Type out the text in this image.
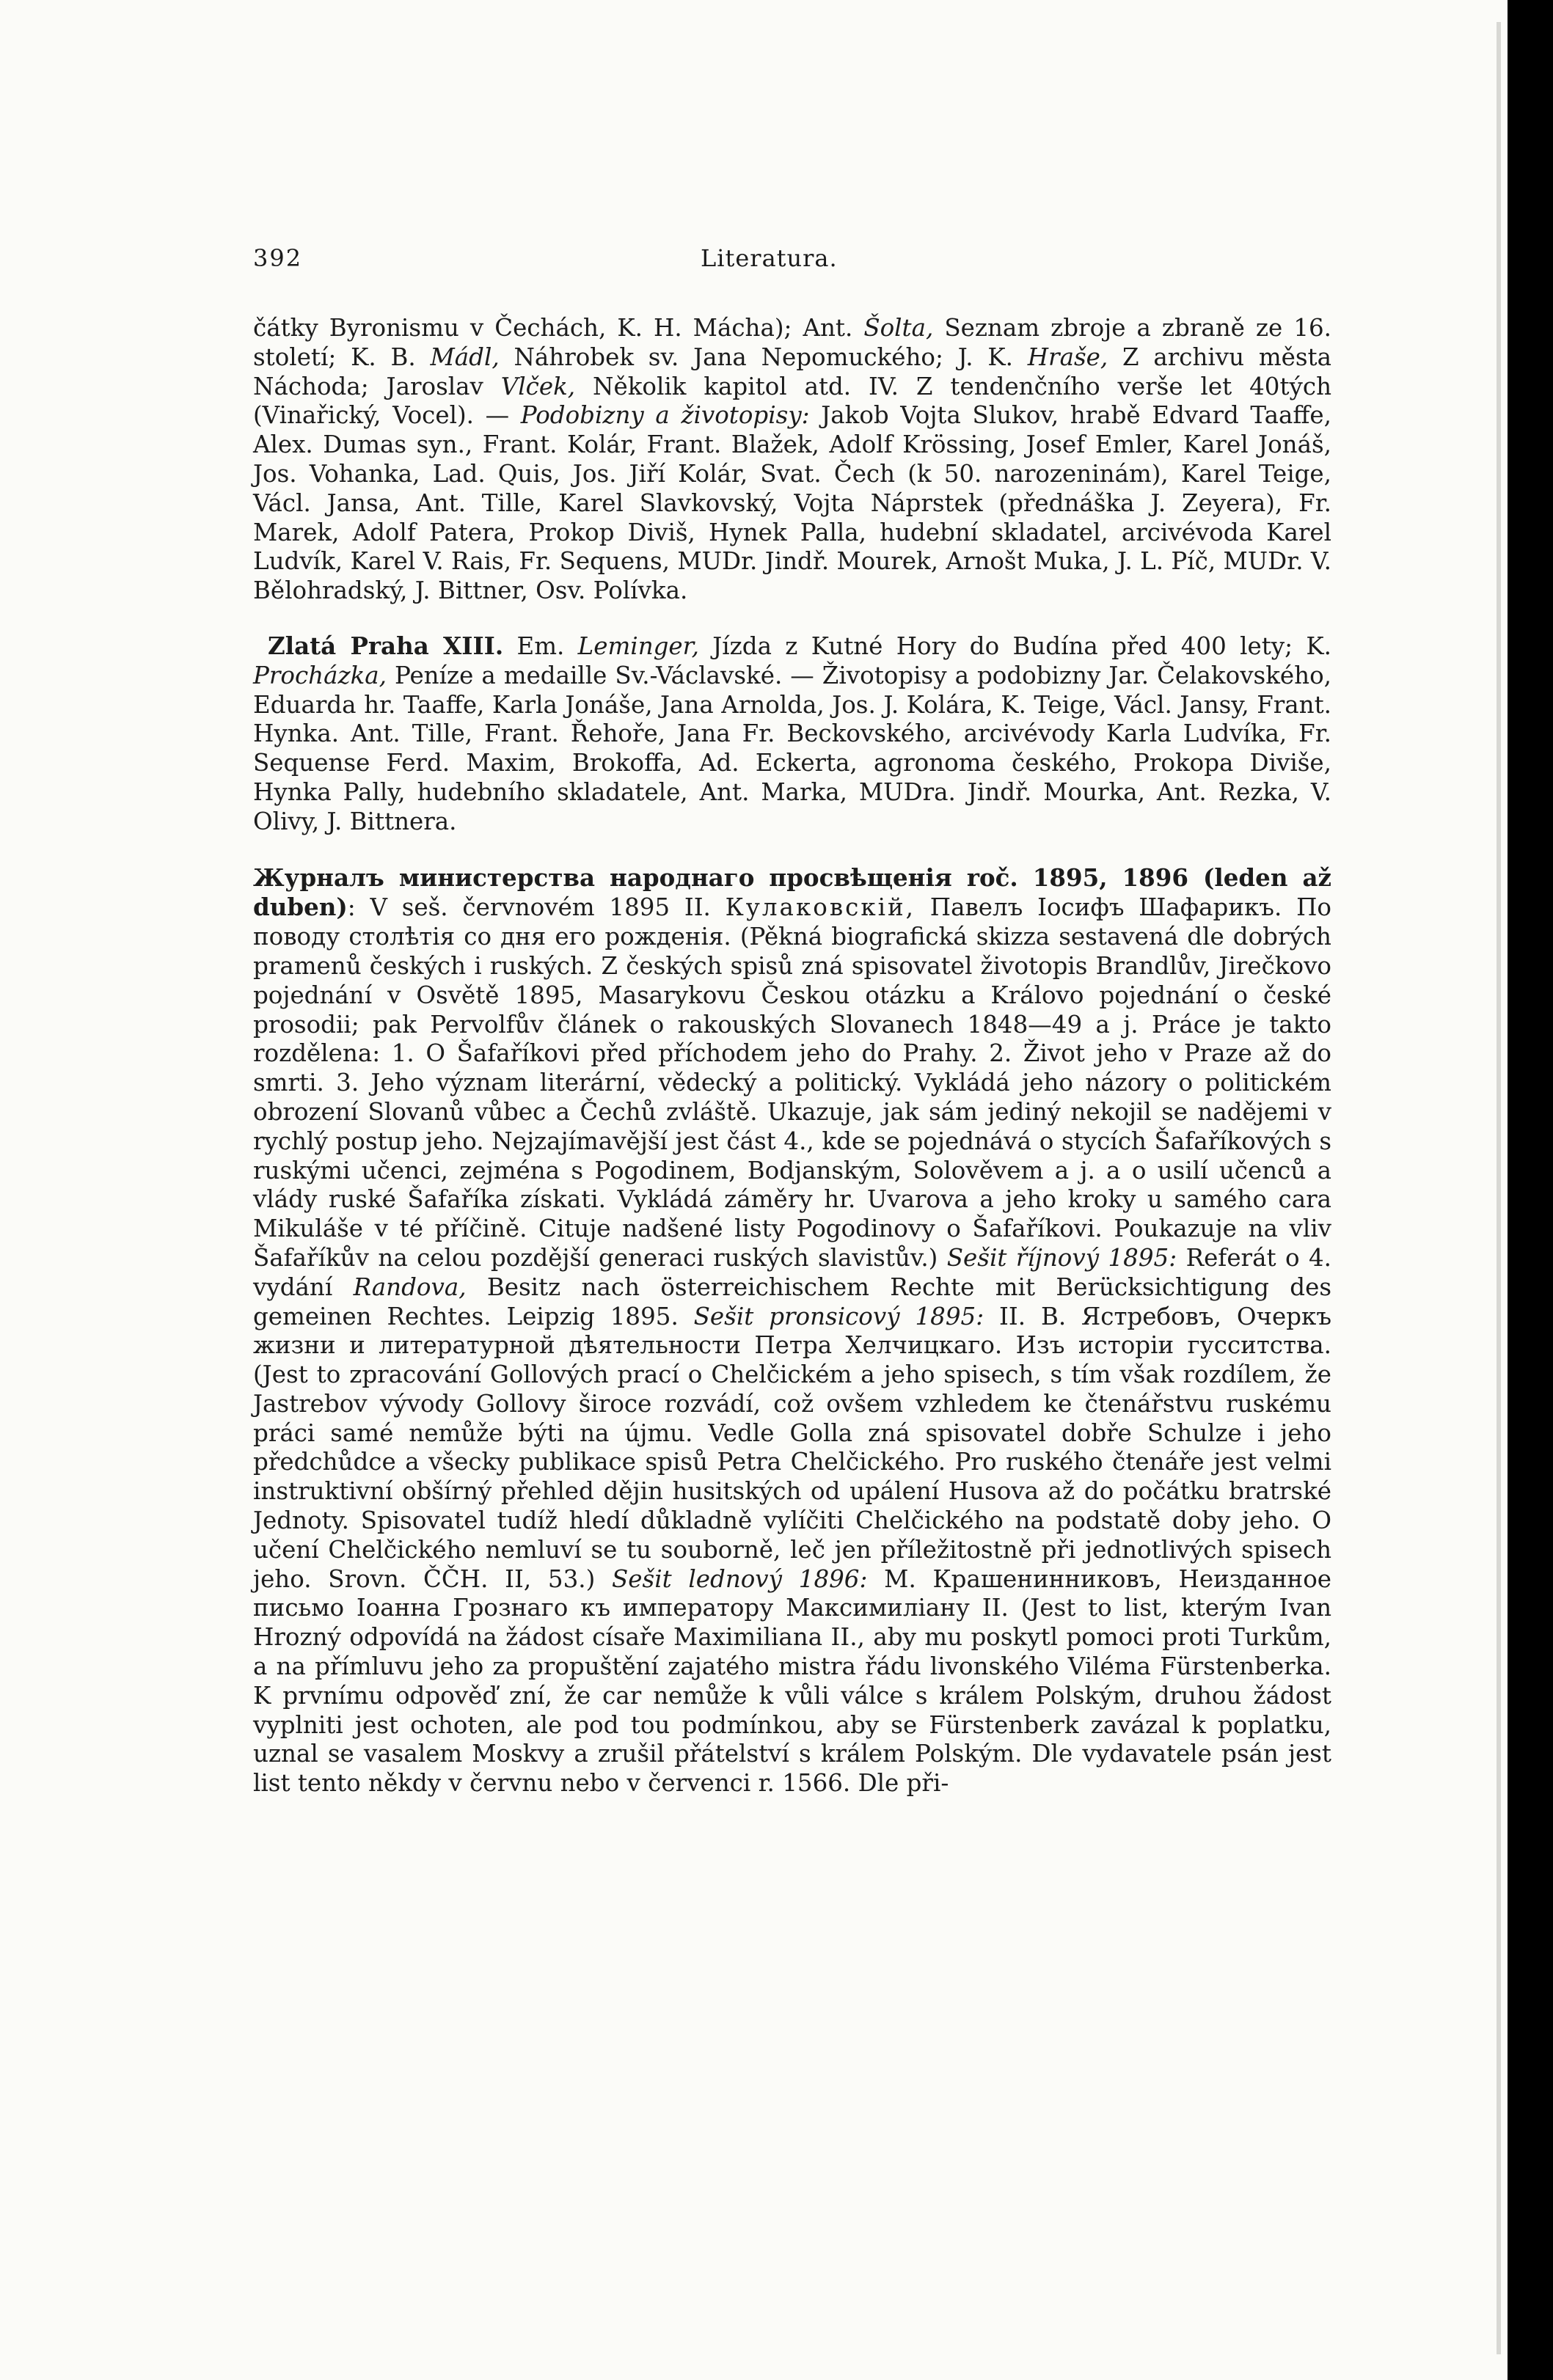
392	Literatura.

čátky Byronismu v Čechách, K. H. Mácha); Ant. Šolta, Seznam zbroje a zbraně ze 16. století; K. B. Mádl, Náhrobek sv. Jana Nepomuckého; J. K. Hraše, Z archivu města Náchoda; Jaroslav Vlček, Několik kapitol atd. IV. Z tendenčního verše let 40tých (Vinařický, Vocel). — Podobizny a životopisy: Jakob Vojta Slukov, hrabě Edvard Taaffe, Alex. Dumas syn., Frant. Kolár, Frant. Blažek, Adolf Krössing, Josef Emler, Karel Jonáš, Jos. Vohanka, Lad. Quis, Jos. Jiří Kolár, Svat. Čech (k 50. narozeninám), Karel Teige, Václ. Jansa, Ant. Tille, Karel Slavkovský, Vojta Náprstek (přednáška J. Zeyera), Fr. Marek, Adolf Patera, Prokop Diviš, Hynek Palla, hudební skladatel, arcivévoda Karel Ludvík, Karel V. Rais, Fr. Sequens, MUDr. Jindř. Mourek, Arnošt Muka, J. L. Píč, MUDr. V. Bělohradský, J. Bittner, Osv. Polívka.

Zlatá Praha XIII. Em. Leminger, Jízda z Kutné Hory do Budína před 400 lety; K. Procházka, Peníze a medaille Sv.-Václavské. — Životopisy a podobizny Jar. Čelakovského, Eduarda hr. Taaffe, Karla Jonáše, Jana Arnolda, Jos. J. Kolára, K. Teige, Václ. Jansy, Frant. Hynka. Ant. Tille, Frant. Řehoře, Jana Fr. Beckovského, arcivévody Karla Ludvíka, Fr. Sequense Ferd. Maxim, Brokoffa, Ad. Eckerta, agronoma českého, Prokopa Diviše, Hynka Pally, hudebního skladatele, Ant. Marka, MUDra. Jindř. Mourka, Ant. Rezka, V. Olivy, J. Bittnera.

Журналъ министерства народнаго просвѣщенія roč. 1895, 1896 (leden až duben): V seš. červnovém 1895 II. Кулаковскій, Павелъ Іосифъ Шафарикъ. По поводу столѣтія со дня его рожденія. (Pěkná biografická skizza sestavená dle dobrých pramenů českých i ruských. Z českých spisů zná spisovatel životopis Brandlův, Jirečkovo pojednání v Osvětě 1895, Masarykovu Českou otázku a Královo pojednání o české prosodii; pak Pervolfův článek o rakouských Slovanech 1848—49 a j. Práce je takto rozdělena: 1. O Šafaříkovi před příchodem jeho do Prahy. 2. Život jeho v Praze až do smrti. 3. Jeho význam literární, vědecký a politický. Vykládá jeho názory o politickém obrození Slovanů vůbec a Čechů zvláště. Ukazuje, jak sám jediný nekojil se nadějemi v rychlý postup jeho. Nejzajímavější jest část 4., kde se pojednává o stycích Šafaříkových s ruskými učenci, zejména s Pogodinem, Bodjanským, Solověvem a j. a o usilí učenců a vlády ruské Šafaříka získati. Vykládá záměry hr. Uvarova a jeho kroky u samého cara Mikuláše v té příčině. Cituje nadšené listy Pogodinovy o Šafaříkovi. Poukazuje na vliv Šafaříkův na celou pozdější generaci ruských slavistův.) Sešit říjnový 1895: Referát o 4. vydání Randova, Besitz nach österreichischem Rechte mit Berücksichtigung des gemeinen Rechtes. Leipzig 1895. Sešit pronsicový 1895: II. B. Ястребовъ, Очеркъ жизни и литературной дѣятельности Петра Хелчицкаго. Изъ исторіи гусситства. (Jest to zpracování Gollových prací o Chelčickém a jeho spisech, s tím však rozdílem, že Jastrebov vývody Gollovy široce rozvádí, což ovšem vzhledem ke čtenářstvu ruskému práci samé nemůže býti na újmu. Vedle Golla zná spisovatel dobře Schulze i jeho předchůdce a všecky publikace spisů Petra Chelčického. Pro ruského čtenáře jest velmi instruktivní obšírný přehled dějin husitských od upálení Husova až do počátku bratrské Jednoty. Spisovatel tudíž hledí důkladně vylíčiti Chelčického na podstatě doby jeho. O učení Chelčického nemluví se tu souborně, leč jen příležitostně při jednotlivých spisech jeho. Srovn. ČČH. II, 53.) Sešit lednový 1896: M. Крашенинниковъ, Неизданное письмо Іоанна Грознаго къ императору Максимиліану II. (Jest to list, kterým Ivan Hrozný odpovídá na žádost císaře Maximiliana II., aby mu poskytl pomoci proti Turkům, a na přímluvu jeho za propuštění zajatého mistra řádu livonského Viléma Fürstenberka. K prvnímu odpověď zní, že car nemůže k vůli válce s králem Polským, druhou žádost vyplniti jest ochoten, ale pod tou podmínkou, aby se Fürstenberk zavázal k poplatku, uznal se vasalem Moskvy a zrušil přátelství s králem Polským. Dle vydavatele psán jest list tento někdy v červnu nebo v červenci r. 1566. Dle při-
